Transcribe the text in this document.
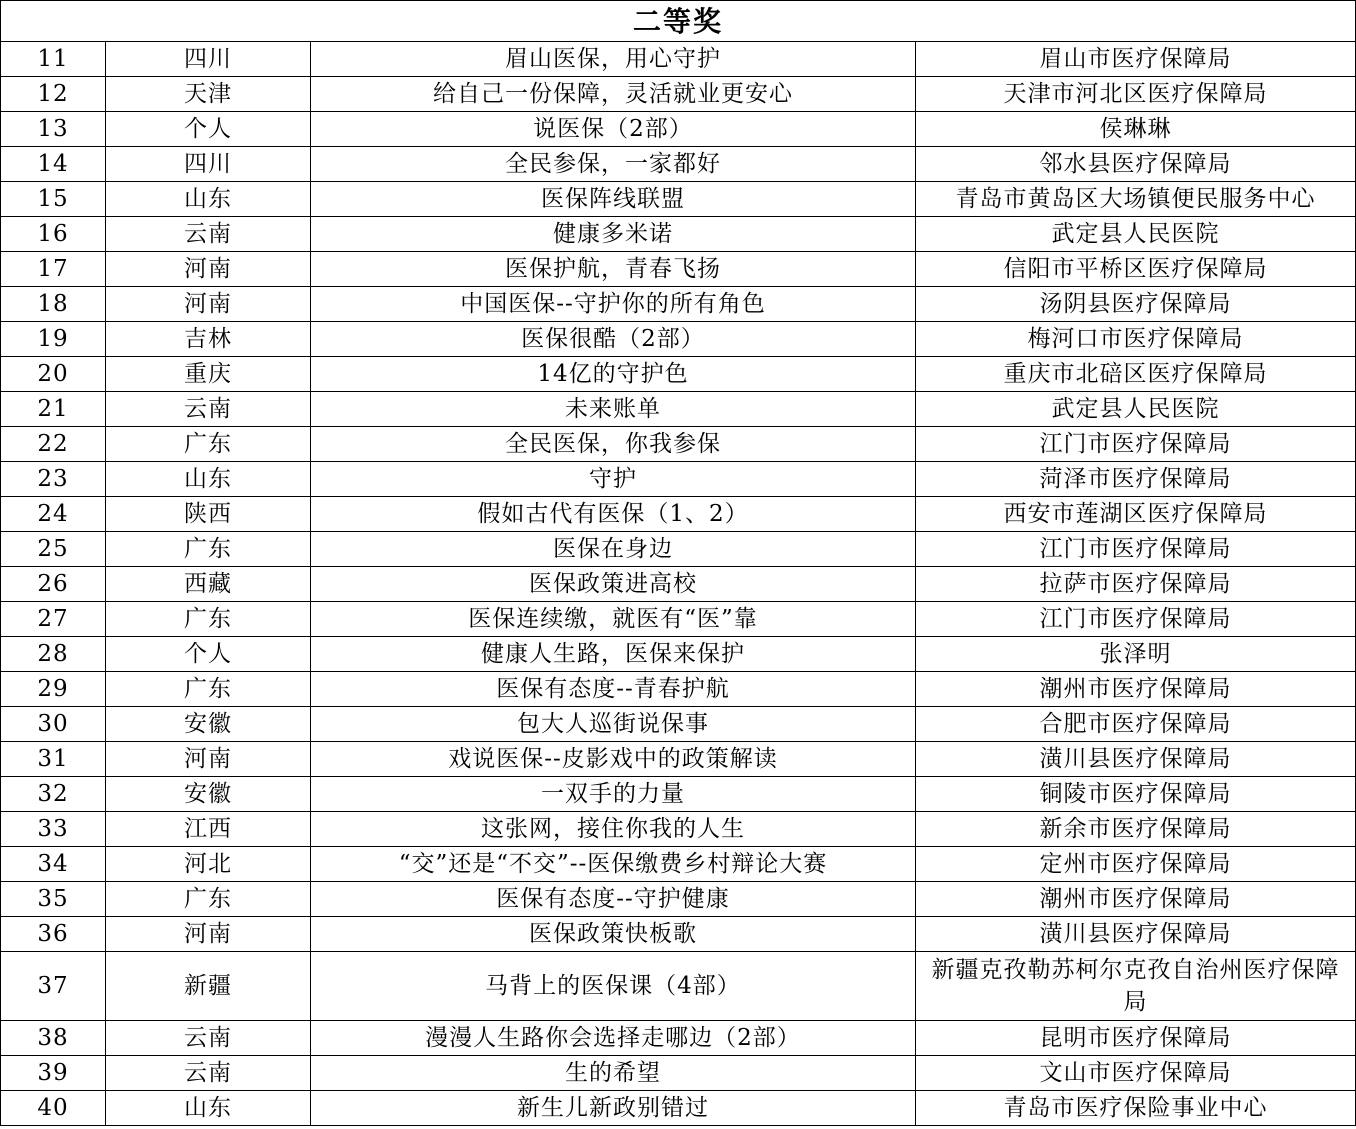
二等奖			
11	四川	眉山医保，用心守护	眉山市医疗保障局
12	天津	给自己一份保障，灵活就业更安心	天津市河北区医疗保障局
13	个人	说医保（2部）	侯琳琳
14	四川	全民参保，一家都好	邻水县医疗保障局
15	山东	医保阵线联盟	青岛市黄岛区大场镇便民服务中心
16	云南	健康多米诺	武定县人民医院
17	河南	医保护航，青春飞扬	信阳市平桥区医疗保障局
18	河南	中国医保--守护你的所有角色	汤阴县医疗保障局
19	吉林	医保很酷（2部）	梅河口市医疗保障局
20	重庆	14亿的守护色	重庆市北碚区医疗保障局
21	云南	未来账单	武定县人民医院
22	广东	全民医保，你我参保	江门市医疗保障局
23	山东	守护	菏泽市医疗保障局
24	陕西	假如古代有医保（1、2）	西安市莲湖区医疗保障局
25	广东	医保在身边	江门市医疗保障局
26	西藏	医保政策进高校	拉萨市医疗保障局
27	广东	医保连续缴，就医有“医”靠	江门市医疗保障局
28	个人	健康人生路，医保来保护	张泽明
29	广东	医保有态度--青春护航	潮州市医疗保障局
30	安徽	包大人巡街说保事	合肥市医疗保障局
31	河南	戏说医保--皮影戏中的政策解读	潢川县医疗保障局
32	安徽	一双手的力量	铜陵市医疗保障局
33	江西	这张网，接住你我的人生	新余市医疗保障局
34	河北	“交”还是“不交”--医保缴费乡村辩论大赛	定州市医疗保障局
35	广东	医保有态度--守护健康	潮州市医疗保障局
36	河南	医保政策快板歌	潢川县医疗保障局
37	新疆	马背上的医保课（4部）	新疆克孜勒苏柯尔克孜自治州医疗保障局
38	云南	漫漫人生路你会选择走哪边（2部）	昆明市医疗保障局
39	云南	生的希望	文山市医疗保障局
40	山东	新生儿新政别错过	青岛市医疗保险事业中心
